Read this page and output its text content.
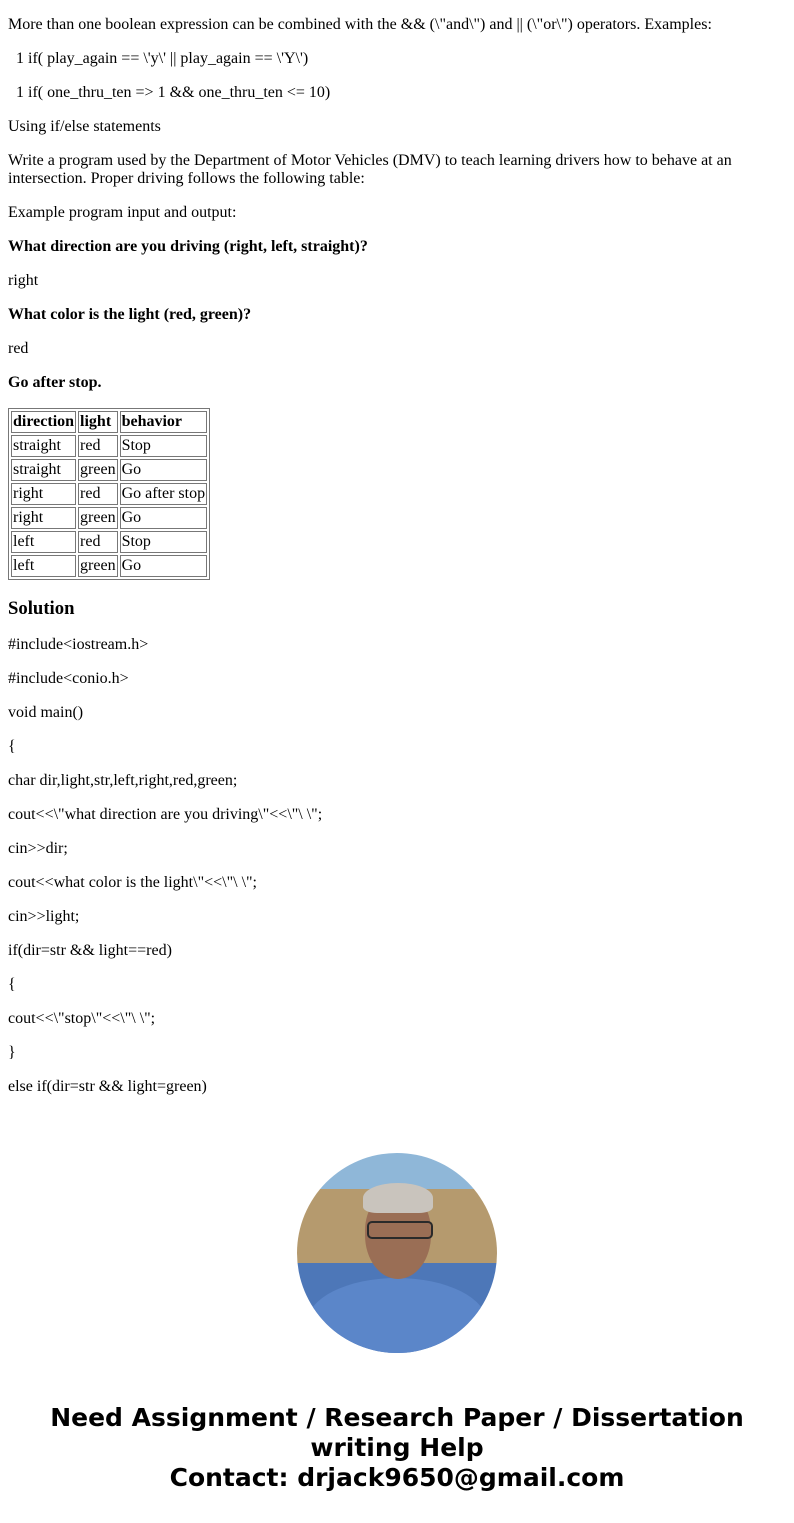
More than one boolean expression can be combined with the && (\"and\") and || (\"or\") operators. Examples:

1 if( play_again == \'y\' || play_again == \'Y\')

1 if( one_thru_ten => 1 && one_thru_ten <= 10)

Using if/else statements

Write a program used by the Department of Motor Vehicles (DMV) to teach learning drivers how to behave at an intersection. Proper driving follows the following table:

Example program input and output:

What direction are you driving (right, left, straight)?

right

What color is the light (red, green)?

red

Go after stop.

direction	light	behavior
straight	red	Stop
straight	green	Go
right	red	Go after stop
right	green	Go
left	red	Stop
left	green	Go
Solution

#include<iostream.h>

#include<conio.h>

void main()

{

char dir,light,str,left,right,red,green;

cout<<\"what direction are you driving\"<<\"\ \";

cin>>dir;

cout<<what color is the light\"<<\"\ \";

cin>>light;

if(dir=str && light==red)

{

cout<<\"stop\"<<\"\ \";

}

else if(dir=str && light=green)

Need Assignment / Research Paper / Dissertation
writing Help
Contact: drjack9650@gmail.com
